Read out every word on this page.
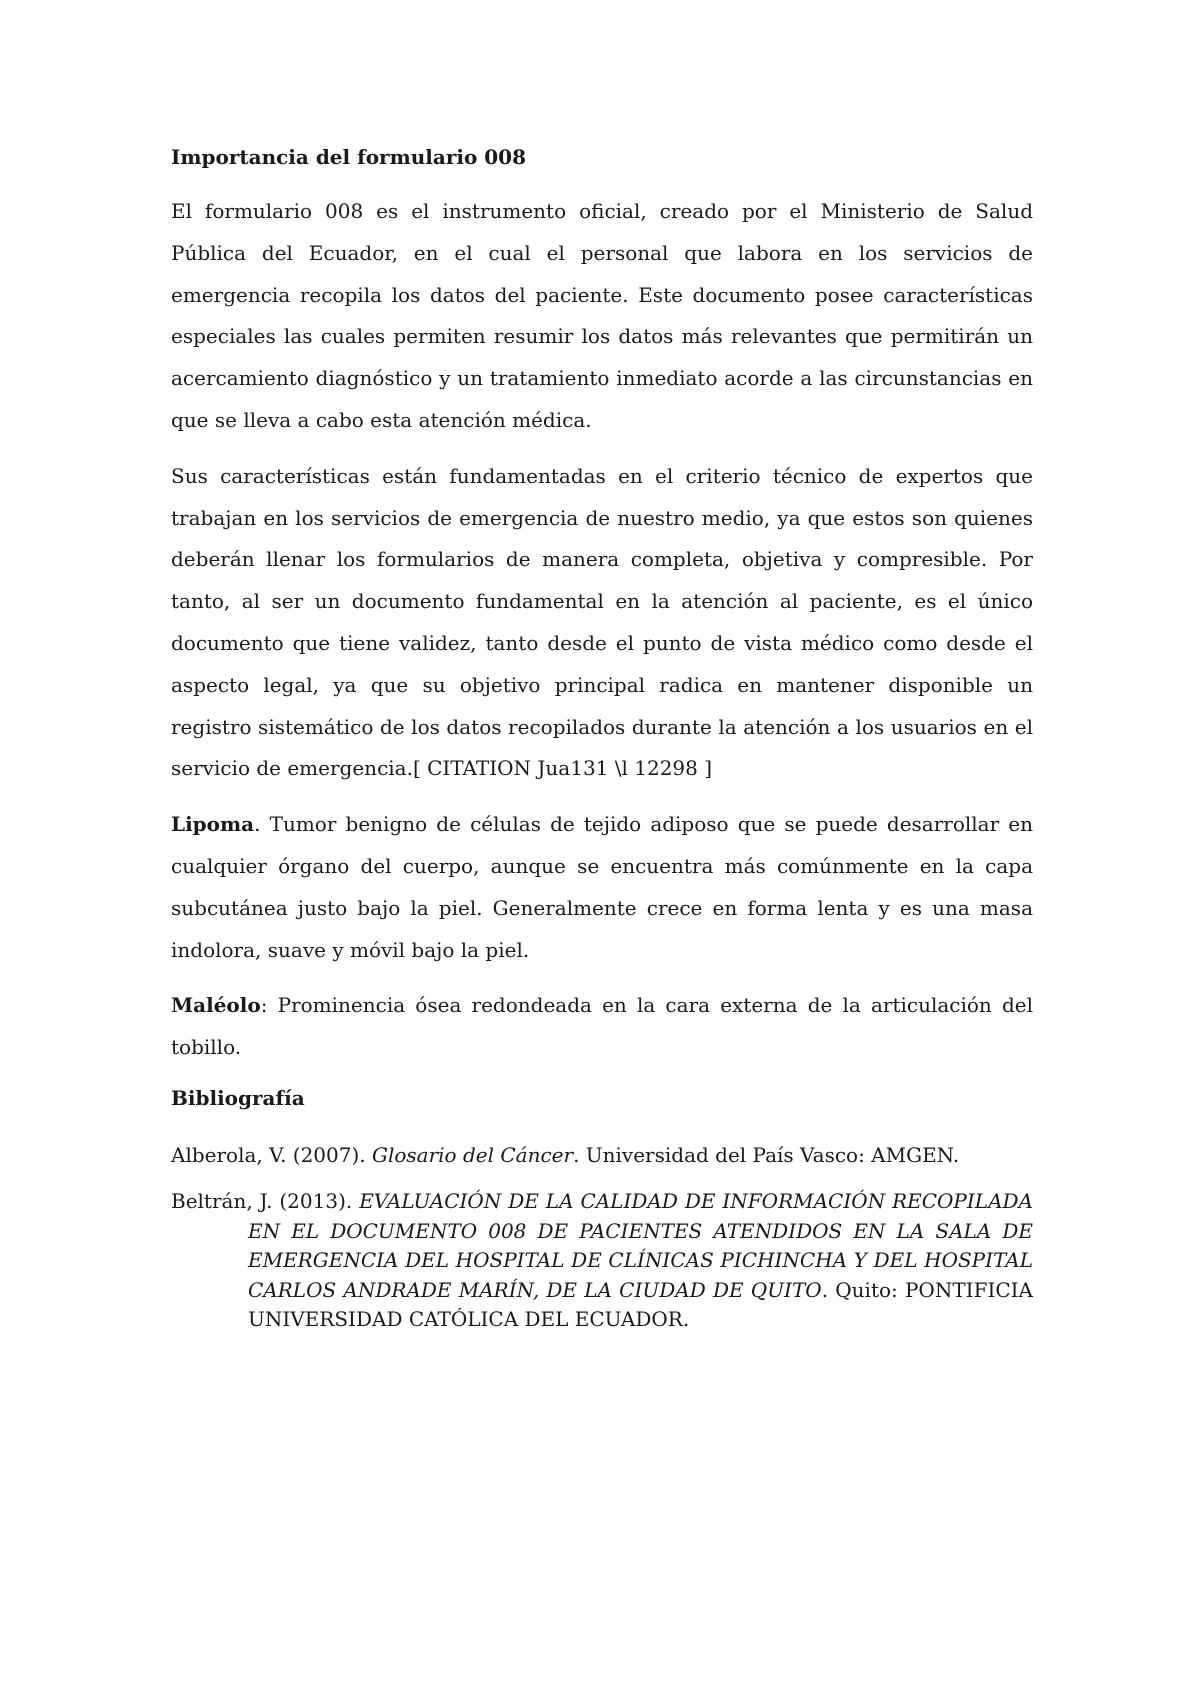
Importancia del formulario 008

El formulario 008 es el instrumento oficial, creado por el Ministerio de Salud Pública del Ecuador, en el cual el personal que labora en los servicios de emergencia recopila los datos del paciente. Este documento posee características especiales las cuales permiten resumir los datos más relevantes que permitirán un acercamiento diagnóstico y un tratamiento inmediato acorde a las circunstancias en que se lleva a cabo esta atención médica.

Sus características están fundamentadas en el criterio técnico de expertos que trabajan en los servicios de emergencia de nuestro medio, ya que estos son quienes deberán llenar los formularios de manera completa, objetiva y compresible. Por tanto, al ser un documento fundamental en la atención al paciente, es el único documento que tiene validez, tanto desde el punto de vista médico como desde el aspecto legal, ya que su objetivo principal radica en mantener disponible un registro sistemático de los datos recopilados durante la atención a los usuarios en el servicio de emergencia.[ CITATION Jua131 \l 12298 ]

Lipoma. Tumor benigno de células de tejido adiposo que se puede desarrollar en cualquier órgano del cuerpo, aunque se encuentra más comúnmente en la capa subcutánea justo bajo la piel. Generalmente crece en forma lenta y es una masa indolora, suave y móvil bajo la piel.

Maléolo: Prominencia ósea redondeada en la cara externa de la articulación del tobillo.

Bibliografía

Alberola, V. (2007). Glosario del Cáncer. Universidad del País Vasco: AMGEN.

Beltrán, J. (2013). EVALUACIÓN DE LA CALIDAD DE INFORMACIÓN RECOPILADA EN EL DOCUMENTO 008 DE PACIENTES ATENDIDOS EN LA SALA DE EMERGENCIA DEL HOSPITAL DE CLÍNICAS PICHINCHA Y DEL HOSPITAL CARLOS ANDRADE MARÍN, DE LA CIUDAD DE QUITO. Quito: PONTIFICIA UNIVERSIDAD CATÓLICA DEL ECUADOR.
